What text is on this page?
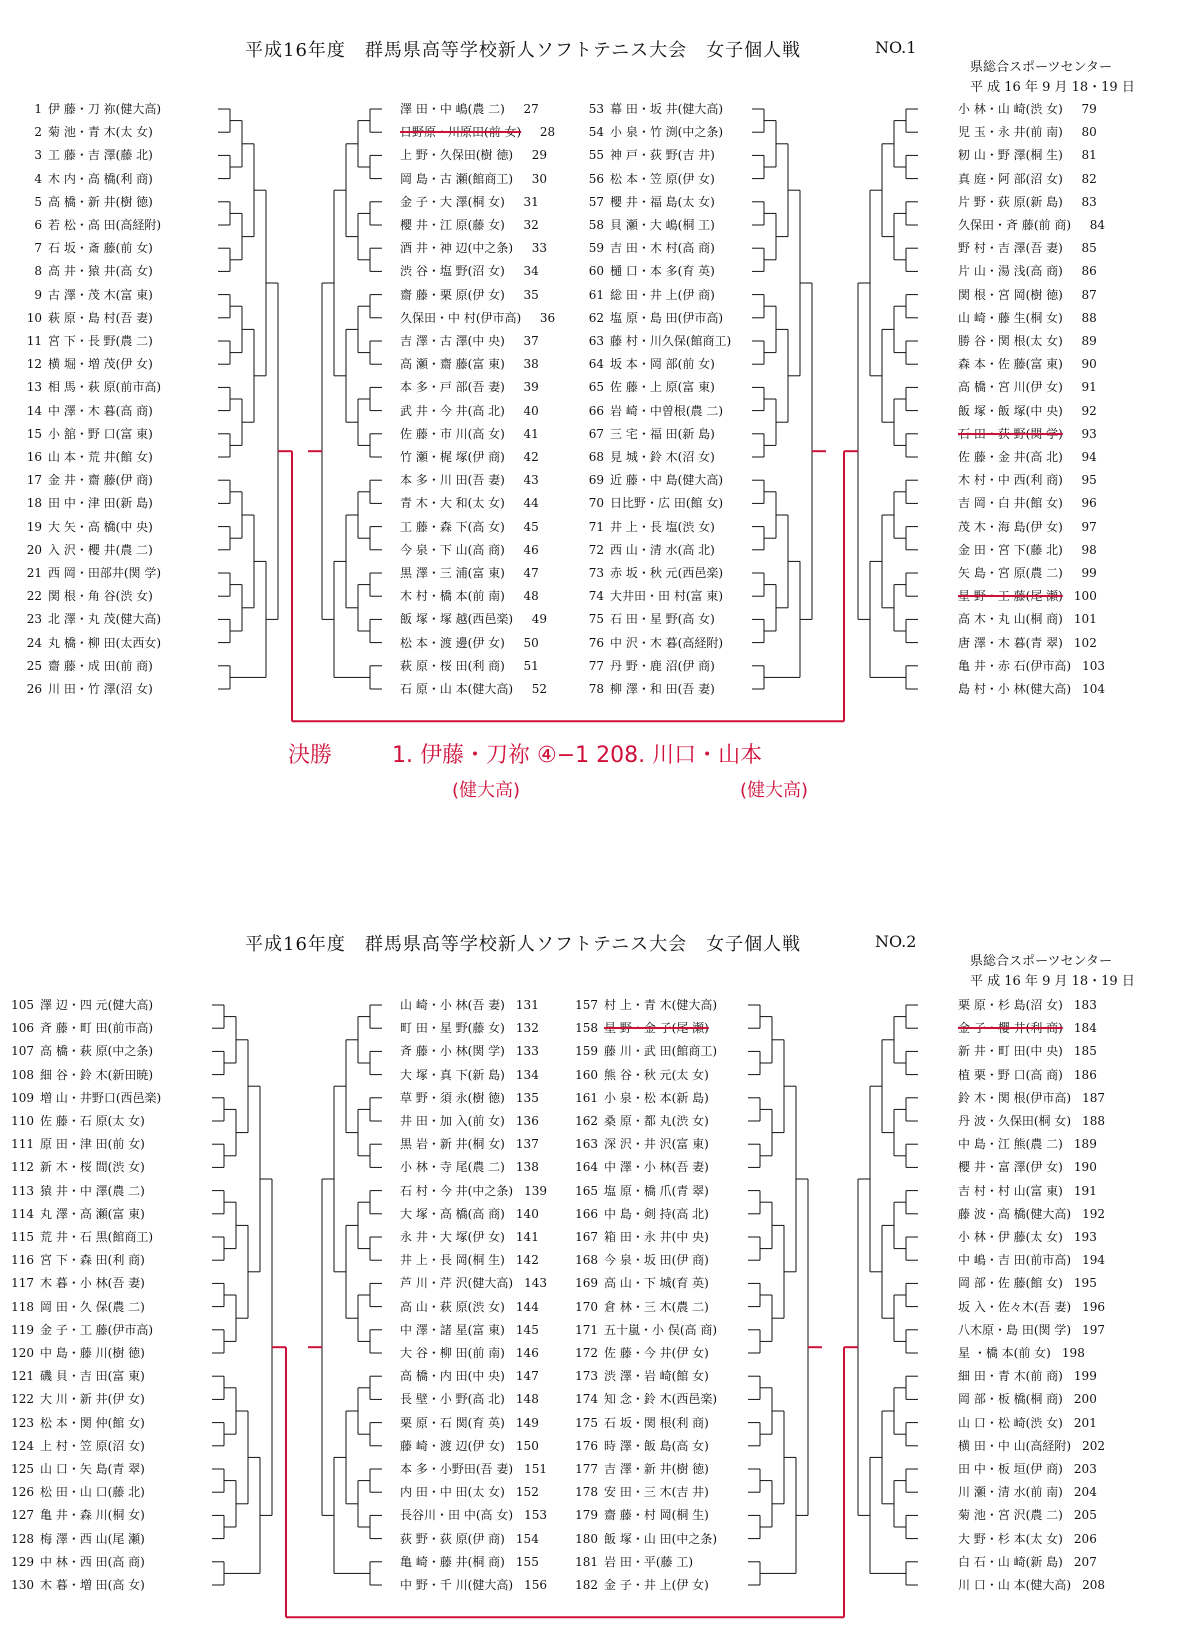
平成16年度　群馬県高等学校新人ソフトテニス大会　女子個人戦	NO.1
県総合スポーツセンター
平 成 16 年 9 月 18・19 日
1 伊 藤・刀 祢(健大高)
2 菊 池・青 木(太 女)
3 工 藤・吉 澤(藤 北)
4 木 内・高 橋(利 商)
5 高 橋・新 井(樹 徳)
6 若 松・高 田(高経附)
7 石 坂・斎 藤(前 女)
8 高 井・猿 井(高 女)
9 古 澤・茂 木(富 東)
10 萩 原・島 村(吾 妻)
11 宮 下・長 野(農 二)
12 横 堀・増 茂(伊 女)
13 相 馬・萩 原(前市高)
14 中 澤・木 暮(高 商)
15 小 舘・野 口(富 東)
16 山 本・荒 井(館 女)
17 金 井・齋 藤(伊 商)
18 田 中・津 田(新 島)
19 大 矢・高 橋(中 央)
20 入 沢・櫻 井(農 二)
21 西 岡・田部井(関 学)
22 関 根・角 谷(渋 女)
23 北 澤・丸 茂(健大高)
24 丸 橋・柳 田(太西女)
25 齋 藤・成 田(前 商)
26 川 田・竹 澤(沼 女)
澤 田・中 嶋(農 二) 27
日野原・川原田(前 女) 28
上 野・久保田(樹 徳) 29
岡 島・古 瀬(館商工) 30
金 子・大 澤(桐 女) 31
櫻 井・江 原(藤 女) 32
酒 井・神 辺(中之条) 33
渋 谷・塩 野(沼 女) 34
齋 藤・栗 原(伊 女) 35
久保田・中 村(伊市高) 36
吉 澤・古 澤(中 央) 37
高 瀬・齋 藤(富 東) 38
本 多・戸 部(吾 妻) 39
武 井・今 井(高 北) 40
佐 藤・市 川(高 女) 41
竹 瀬・梶 塚(伊 商) 42
本 多・川 田(吾 妻) 43
青 木・大 和(太 女) 44
工 藤・森 下(高 女) 45
今 泉・下 山(高 商) 46
黒 澤・三 浦(富 東) 47
木 村・橋 本(前 南) 48
飯 塚・塚 越(西邑楽) 49
松 本・渡 邊(伊 女) 50
萩 原・桜 田(利 商) 51
石 原・山 本(健大高) 52
53 幕 田・坂 井(健大高)
54 小 泉・竹 渕(中之条)
55 神 戸・荻 野(吉 井)
56 松 本・笠 原(伊 女)
57 櫻 井・福 島(太 女)
58 貝 瀬・大 嶋(桐 工)
59 吉 田・木 村(高 商)
60 樋 口・本 多(育 英)
61 総 田・井 上(伊 商)
62 塩 原・島 田(伊市高)
63 藤 村・川久保(館商工)
64 坂 本・岡 部(前 女)
65 佐 藤・上 原(富 東)
66 岩 崎・中曽根(農 二)
67 三 宅・福 田(新 島)
68 見 城・鈴 木(沼 女)
69 近 藤・中 島(健大高)
70 日比野・広 田(館 女)
71 井 上・長 塩(渋 女)
72 西 山・清 水(高 北)
73 赤 坂・秋 元(西邑楽)
74 大井田・田 村(富 東)
75 石 田・星 野(高 女)
76 中 沢・木 暮(高経附)
77 丹 野・鹿 沼(伊 商)
78 柳 澤・和 田(吾 妻)
小 林・山 崎(渋 女) 79
児 玉・永 井(前 南) 80
籾 山・野 澤(桐 生) 81
真 庭・阿 部(沼 女) 82
片 野・荻 原(新 島) 83
久保田・斉 藤(前 商) 84
野 村・吉 澤(吾 妻) 85
片 山・湯 浅(高 商) 86
関 根・宮 岡(樹 徳) 87
山 崎・藤 生(桐 女) 88
勝 谷・関 根(太 女) 89
森 本・佐 藤(富 東) 90
高 橋・宮 川(伊 女) 91
飯 塚・飯 塚(中 央) 92
石 田・荻 野(関 学) 93
佐 藤・金 井(高 北) 94
木 村・中 西(利 商) 95
吉 岡・白 井(館 女) 96
茂 木・海 島(伊 女) 97
金 田・宮 下(藤 北) 98
矢 島・宮 原(農 二) 99
星 野・工 藤(尾 瀬) 100
高 木・丸 山(桐 商) 101
唐 澤・木 暮(青 翠) 102
亀 井・赤 石(伊市高) 103
島 村・小 林(健大高) 104
決勝	1. 伊藤・刀祢 ④−1 208. 川口・山本
(健大高)	(健大高)
平成16年度　群馬県高等学校新人ソフトテニス大会　女子個人戦	NO.2
県総合スポーツセンター
平 成 16 年 9 月 18・19 日
105 澤 辺・四 元(健大高)
106 斉 藤・町 田(前市高)
107 高 橋・萩 原(中之条)
108 細 谷・鈴 木(新田暁)
109 増 山・井野口(西邑楽)
110 佐 藤・石 原(太 女)
111 原 田・津 田(前 女)
112 新 木・桜 間(渋 女)
113 猿 井・中 澤(農 二)
114 丸 澤・高 瀬(富 東)
115 荒 井・石 黒(館商工)
116 宮 下・森 田(利 商)
117 木 暮・小 林(吾 妻)
118 岡 田・久 保(農 二)
119 金 子・工 藤(伊市高)
120 中 島・藤 川(樹 徳)
121 磯 貝・吉 田(富 東)
122 大 川・新 井(伊 女)
123 松 本・関 仲(館 女)
124 上 村・笠 原(沼 女)
125 山 口・矢 島(青 翠)
126 松 田・山 口(藤 北)
127 亀 井・森 川(桐 女)
128 梅 澤・西 山(尾 瀬)
129 中 林・西 田(高 商)
130 木 暮・増 田(高 女)
山 崎・小 林(吾 妻) 131
町 田・星 野(藤 女) 132
斉 藤・小 林(関 学) 133
大 塚・真 下(新 島) 134
草 野・須 永(樹 徳) 135
井 田・加 入(前 女) 136
黒 岩・新 井(桐 女) 137
小 林・寺 尾(農 二) 138
石 村・今 井(中之条) 139
大 塚・高 橋(高 商) 140
永 井・大 塚(伊 女) 141
井 上・長 岡(桐 生) 142
芦 川・芹 沢(健大高) 143
高 山・萩 原(渋 女) 144
中 澤・諸 星(富 東) 145
大 谷・柳 田(前 南) 146
高 橋・内 田(中 央) 147
長 壁・小 野(高 北) 148
栗 原・石 関(育 英) 149
藤 崎・渡 辺(伊 女) 150
本 多・小野田(吾 妻) 151
内 田・中 田(太 女) 152
長谷川・田 中(高 女) 153
荻 野・荻 原(伊 商) 154
亀 崎・藤 井(桐 商) 155
中 野・千 川(健大高) 156
157 村 上・青 木(健大高)
158 星 野・金 子(尾 瀬)
159 藤 川・武 田(館商工)
160 熊 谷・秋 元(太 女)
161 小 泉・松 本(新 島)
162 桑 原・都 丸(渋 女)
163 深 沢・井 沢(富 東)
164 中 澤・小 林(吾 妻)
165 塩 原・橋 爪(青 翠)
166 中 島・剣 持(高 北)
167 箱 田・永 井(中 央)
168 今 泉・坂 田(伊 商)
169 高 山・下 城(育 英)
170 倉 林・三 木(農 二)
171 五十嵐・小 俣(高 商)
172 佐 藤・今 井(伊 女)
173 渋 澤・岩 崎(館 女)
174 知 念・鈴 木(西邑楽)
175 石 坂・関 根(利 商)
176 時 澤・飯 島(高 女)
177 吉 澤・新 井(樹 徳)
178 安 田・三 木(吉 井)
179 齋 藤・村 岡(桐 生)
180 飯 塚・山 田(中之条)
181 岩 田・平(藤 工)
182 金 子・井 上(伊 女)
栗 原・杉 島(沼 女) 183
金 子・櫻 井(利 商) 184
新 井・町 田(中 央) 185
植 栗・野 口(高 商) 186
鈴 木・関 根(伊市高) 187
丹 波・久保田(桐 女) 188
中 島・江 熊(農 二) 189
櫻 井・富 澤(伊 女) 190
吉 村・村 山(富 東) 191
藤 波・高 橋(健大高) 192
小 林・伊 藤(太 女) 193
中 嶋・吉 田(前市高) 194
岡 部・佐 藤(館 女) 195
坂 入・佐々木(吾 妻) 196
八木原・島 田(関 学) 197
星 ・橋 本(前 女) 198
細 田・青 木(前 商) 199
岡 部・板 橋(桐 商) 200
山 口・松 崎(渋 女) 201
横 田・中 山(高経附) 202
田 中・板 垣(伊 商) 203
川 瀬・清 水(前 南) 204
菊 池・宮 沢(農 二) 205
大 野・杉 本(太 女) 206
白 石・山 崎(新 島) 207
川 口・山 本(健大高) 208
